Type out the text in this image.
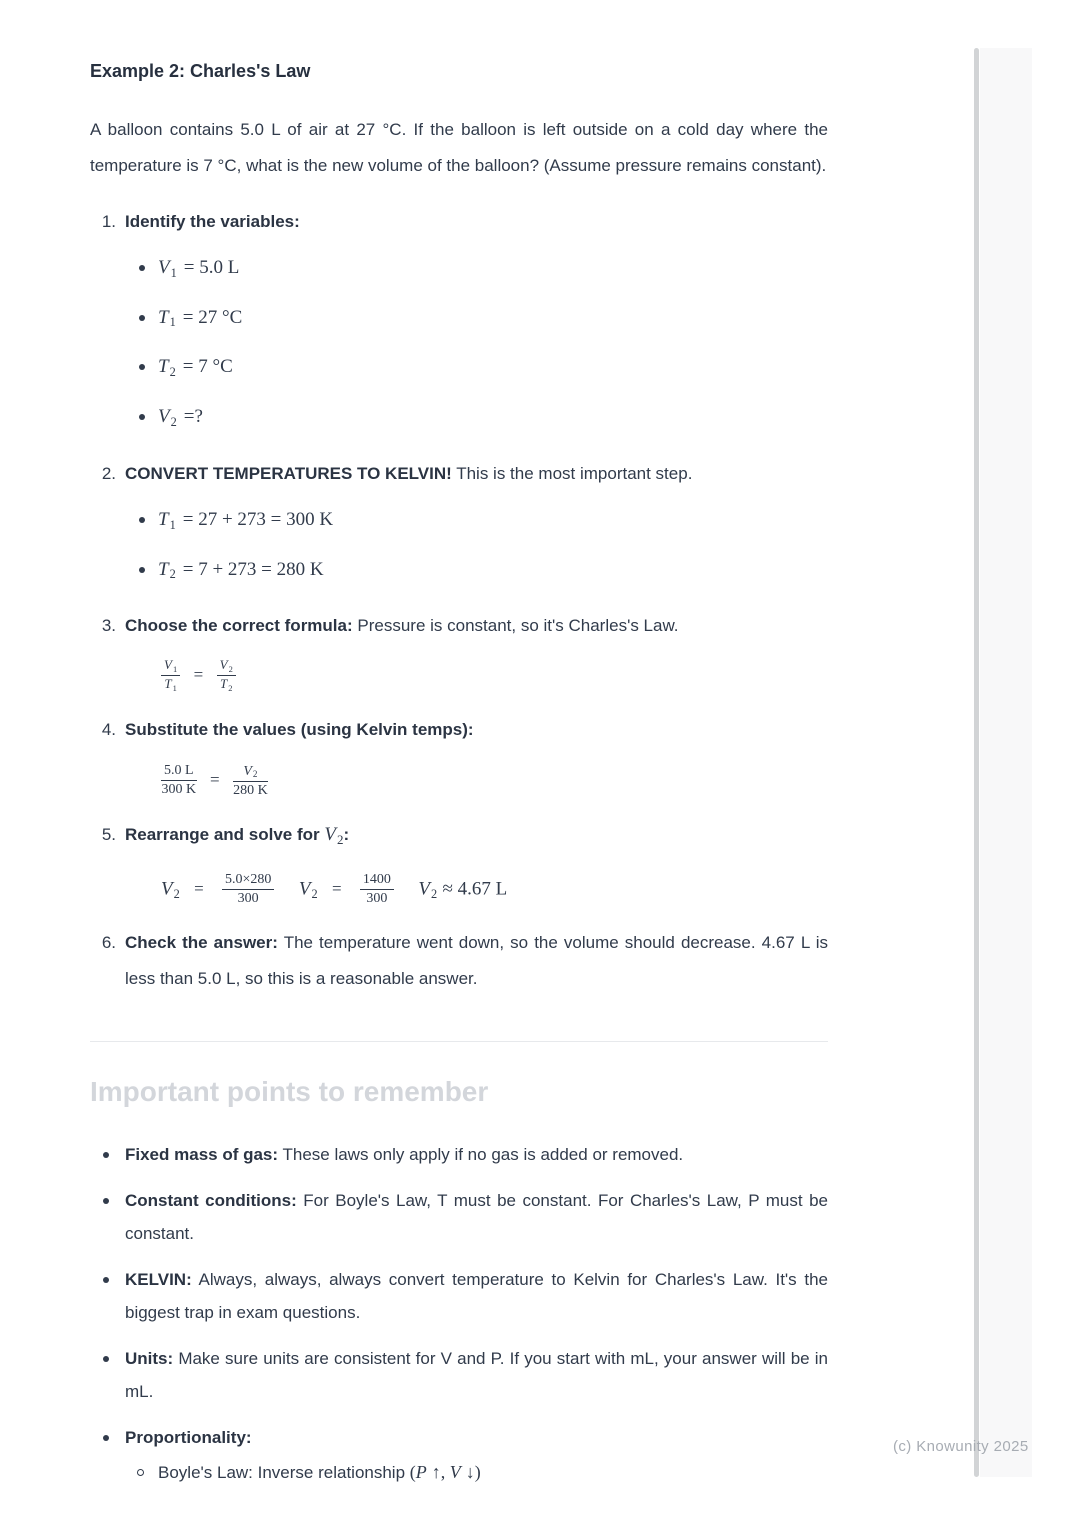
Example 2: Charles's Law

A balloon contains 5.0 L of air at 27 °C. If the balloon is left outside on a cold day where the temperature is 7 °C, what is the new volume of the balloon? (Assume pressure remains constant).

1. Identify the variables:
V1 = 5.0 L
T1 = 27 °C
T2 = 7 °C
V2 =?
2. CONVERT TEMPERATURES TO KELVIN! This is the most important step.
T1 = 27 + 273 = 300 K
T2 = 7 + 273 = 280 K
3. Choose the correct formula: Pressure is constant, so it's Charles's Law.
$\frac{V1}{T1} = \frac{V2}{T2}$
4. Substitute the values (using Kelvin temps):
$\frac{5.0 L}{300 K} = \frac{V2}{280 K}$
5. Rearrange and solve for $V_2$:
$V2 = \frac{5.0\times 280}{300} V2 = \frac{1400}{300} V2 \approx 4.67$ L
6. Check the answer: The temperature went down, so the volume should decrease. 4.67 L is less than 5.0 L, so this is a reasonable answer.
Important points to remember
Fixed mass of gas: These laws only apply if no gas is added or removed.
Constant conditions: For Boyle's Law, T must be constant. For Charles's Law, P must be constant.
KELVIN: Always, always, always convert temperature to Kelvin for Charles's Law. It's the biggest trap in exam questions.
Units: Make sure units are consistent for V and P. If you start with mL, your answer will be in mL.
Proportionality:
Boyle's Law: Inverse relationship (P ↑, V ↓)
(c) Knowunity 2025
